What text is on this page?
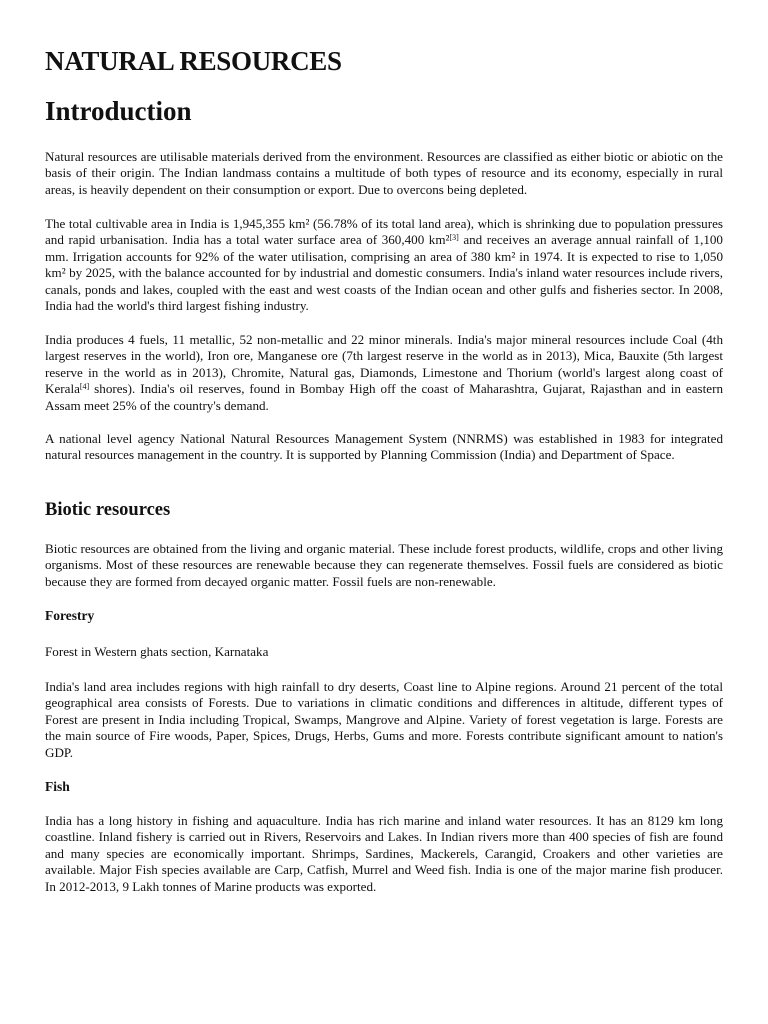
NATURAL RESOURCES
Introduction

Natural resources are utilisable materials derived from the environment. Resources are classified as either biotic or abiotic on the basis of their origin. The Indian landmass contains a multitude of both types of resource and its economy, especially in rural areas, is heavily dependent on their consumption or export. Due to overcons being depleted.

The total cultivable area in India is 1,945,355 km² (56.78% of its total land area), which is shrinking due to population pressures and rapid urbanisation. India has a total water surface area of 360,400 km²[3] and receives an average annual rainfall of 1,100 mm. Irrigation accounts for 92% of the water utilisation, comprising an area of 380 km² in 1974. It is expected to rise to 1,050 km² by 2025, with the balance accounted for by industrial and domestic consumers. India's inland water resources include rivers, canals, ponds and lakes, coupled with the east and west coasts of the Indian ocean and other gulfs and fisheries sector. In 2008, India had the world's third largest fishing industry.

India produces 4 fuels, 11 metallic, 52 non-metallic and 22 minor minerals. India's major mineral resources include Coal (4th largest reserves in the world), Iron ore, Manganese ore (7th largest reserve in the world as in 2013), Mica, Bauxite (5th largest reserve in the world as in 2013), Chromite, Natural gas, Diamonds, Limestone and Thorium (world's largest along coast of Kerala[4] shores). India's oil reserves, found in Bombay High off the coast of Maharashtra, Gujarat, Rajasthan and in eastern Assam meet 25% of the country's demand.

A national level agency National Natural Resources Management System (NNRMS) was established in 1983 for integrated natural resources management in the country. It is supported by Planning Commission (India) and Department of Space.

Biotic resources

Biotic resources are obtained from the living and organic material. These include forest products, wildlife, crops and other living organisms. Most of these resources are renewable because they can regenerate themselves. Fossil fuels are considered as biotic because they are formed from decayed organic matter. Fossil fuels are non-renewable.

Forestry

Forest in Western ghats section, Karnataka

India's land area includes regions with high rainfall to dry deserts, Coast line to Alpine regions. Around 21 percent of the total geographical area consists of Forests. Due to variations in climatic conditions and differences in altitude, different types of Forest are present in India including Tropical, Swamps, Mangrove and Alpine. Variety of forest vegetation is large. Forests are the main source of Fire woods, Paper, Spices, Drugs, Herbs, Gums and more. Forests contribute significant amount to nation's GDP.

Fish

India has a long history in fishing and aquaculture. India has rich marine and inland water resources. It has an 8129 km long coastline. Inland fishery is carried out in Rivers, Reservoirs and Lakes. In Indian rivers more than 400 species of fish are found and many species are economically important. Shrimps, Sardines, Mackerels, Carangid, Croakers and other varieties are available. Major Fish species available are Carp, Catfish, Murrel and Weed fish. India is one of the major marine fish producer. In 2012-2013, 9 Lakh tonnes of Marine products was exported.
